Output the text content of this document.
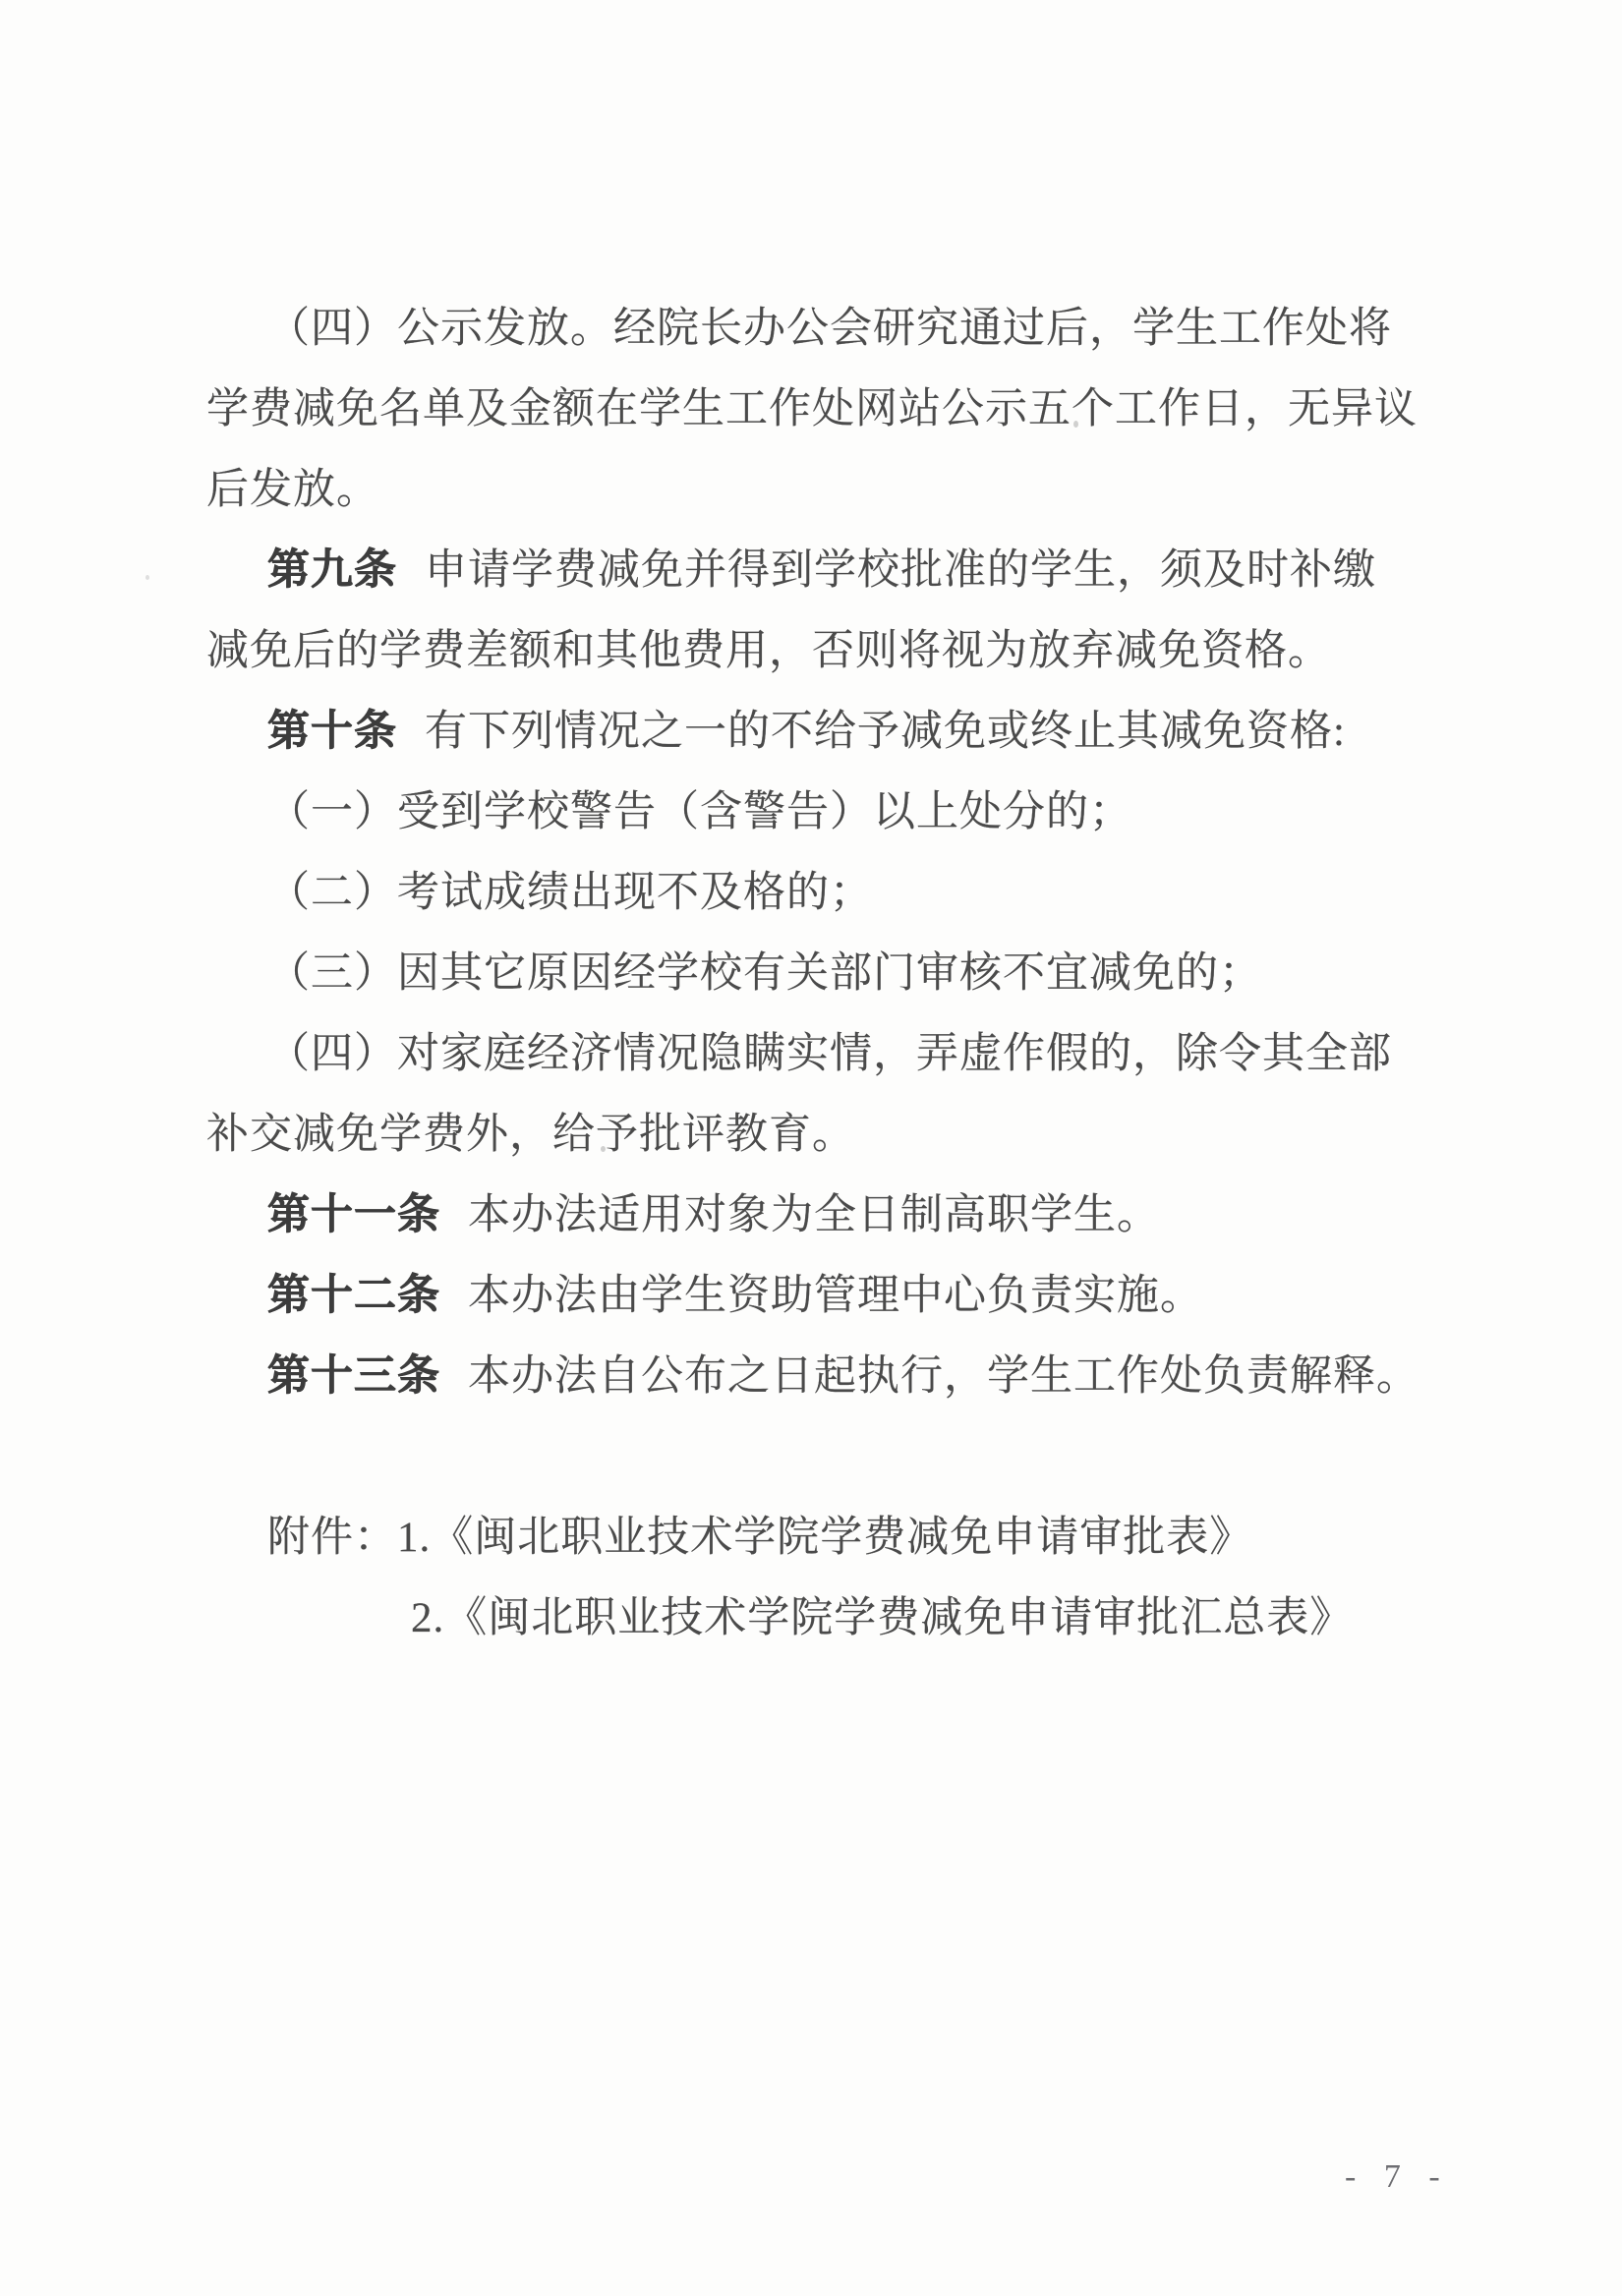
（四）公示发放。经院长办公会研究通过后，学生工作处将
学费减免名单及金额在学生工作处网站公示五个工作日，无异议
后发放。
第九条 申请学费减免并得到学校批准的学生，须及时补缴
减免后的学费差额和其他费用，否则将视为放弃减免资格。
第十条 有下列情况之一的不给予减免或终止其减免资格:
（一）受到学校警告（含警告）以上处分的；
（二）考试成绩出现不及格的；
（三）因其它原因经学校有关部门审核不宜减免的；
（四）对家庭经济情况隐瞒实情，弄虚作假的，除令其全部
补交减免学费外，给予批评教育。
第十一条 本办法适用对象为全日制高职学生。
第十二条 本办法由学生资助管理中心负责实施。
第十三条 本办法自公布之日起执行，学生工作处负责解释。
附件：1.《闽北职业技术学院学费减免申请审批表》
2.《闽北职业技术学院学费减免申请审批汇总表》
- 7 -
